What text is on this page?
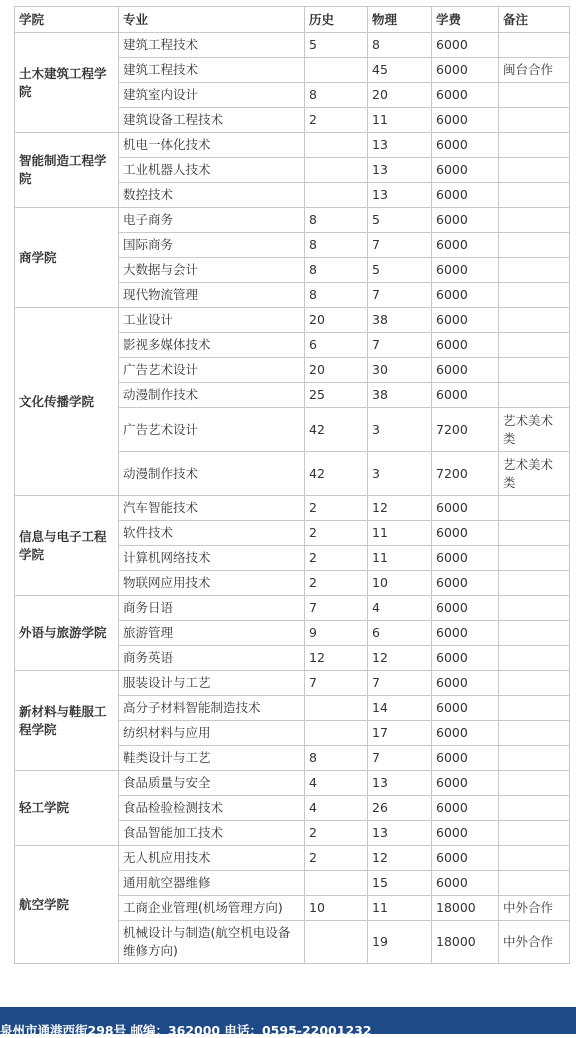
学院	专业	历史	物理	学费	备注
土木建筑工程学院	建筑工程技术	5	8	6000	
	建筑工程技术		45	6000	闽台合作
	建筑室内设计	8	20	6000	
	建筑设备工程技术	2	11	6000	
智能制造工程学院	机电一体化技术		13	6000	
	工业机器人技术		13	6000	
	数控技术		13	6000	
商学院	电子商务	8	5	6000	
	国际商务	8	7	6000	
	大数据与会计	8	5	6000	
	现代物流管理	8	7	6000	
文化传播学院	工业设计	20	38	6000	
	影视多媒体技术	6	7	6000	
	广告艺术设计	20	30	6000	
	动漫制作技术	25	38	6000	
	广告艺术设计	42	3	7200	艺术美术类
	动漫制作技术	42	3	7200	艺术美术类
信息与电子工程学院	汽车智能技术	2	12	6000	
	软件技术	2	11	6000	
	计算机网络技术	2	11	6000	
	物联网应用技术	2	10	6000	
外语与旅游学院	商务日语	7	4	6000	
	旅游管理	9	6	6000	
	商务英语	12	12	6000	
新材料与鞋服工程学院	服装设计与工艺	7	7	6000	
	高分子材料智能制造技术		14	6000	
	纺织材料与应用		17	6000	
	鞋类设计与工艺	8	7	6000	
轻工学院	食品质量与安全	4	13	6000	
	食品检验检测技术	4	26	6000	
	食品智能加工技术	2	13	6000	
航空学院	无人机应用技术	2	12	6000	
	通用航空器维修		15	6000	
	工商企业管理(机场管理方向)	10	11	18000	中外合作
	机械设计与制造(航空机电设备维修方向)		19	18000	中外合作
泉州市通港西街298号 邮编：362000 电话：0595-22001232
